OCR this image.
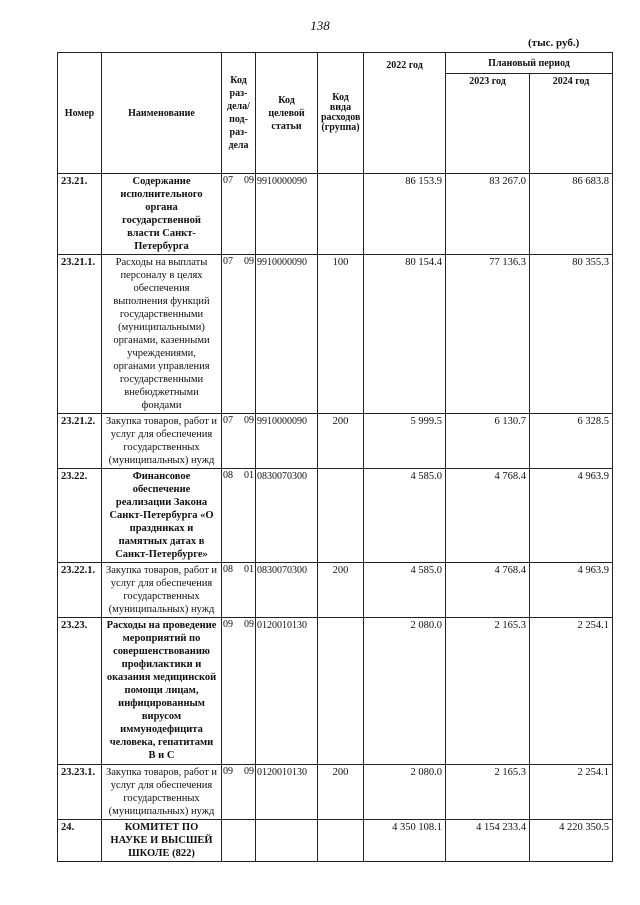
138
(тыс. руб.)
Номер	Наименование	Код раз-дела/ под-раз-дела	Код целевой статьи	Код вида расходов (группа)	2022 год	Плановый период	
						2023 год	2024 год
23.21.	Содержание исполнительного органа государственной власти Санкт-Петербурга	07 09	9910000090		86 153.9	83 267.0	86 683.8
23.21.1.	Расходы на выплаты персоналу в целях обеспечения выполнения функций государственными (муниципальными) органами, казенными учреждениями, органами управления государственными внебюджетными фондами	07 09	9910000090	100	80 154.4	77 136.3	80 355.3
23.21.2.	Закупка товаров, работ и услуг для обеспечения государственных (муниципальных) нужд	07 09	9910000090	200	5 999.5	6 130.7	6 328.5
23.22.	Финансовое обеспечение реализации Закона Санкт-Петербурга «О праздниках и памятных датах в Санкт-Петербурге»	08 01	0830070300		4 585.0	4 768.4	4 963.9
23.22.1.	Закупка товаров, работ и услуг для обеспечения государственных (муниципальных) нужд	08 01	0830070300	200	4 585.0	4 768.4	4 963.9
23.23.	Расходы на проведение мероприятий по совершенствованию профилактики и оказания медицинской помощи лицам, инфицированным вирусом иммунодефицита человека, гепатитами В и С	09 09	0120010130		2 080.0	2 165.3	2 254.1
23.23.1.	Закупка товаров, работ и услуг для обеспечения государственных (муниципальных) нужд	09 09	0120010130	200	2 080.0	2 165.3	2 254.1
24.	КОМИТЕТ ПО НАУКЕ И ВЫСШЕЙ ШКОЛЕ (822)				4 350 108.1	4 154 233.4	4 220 350.5
